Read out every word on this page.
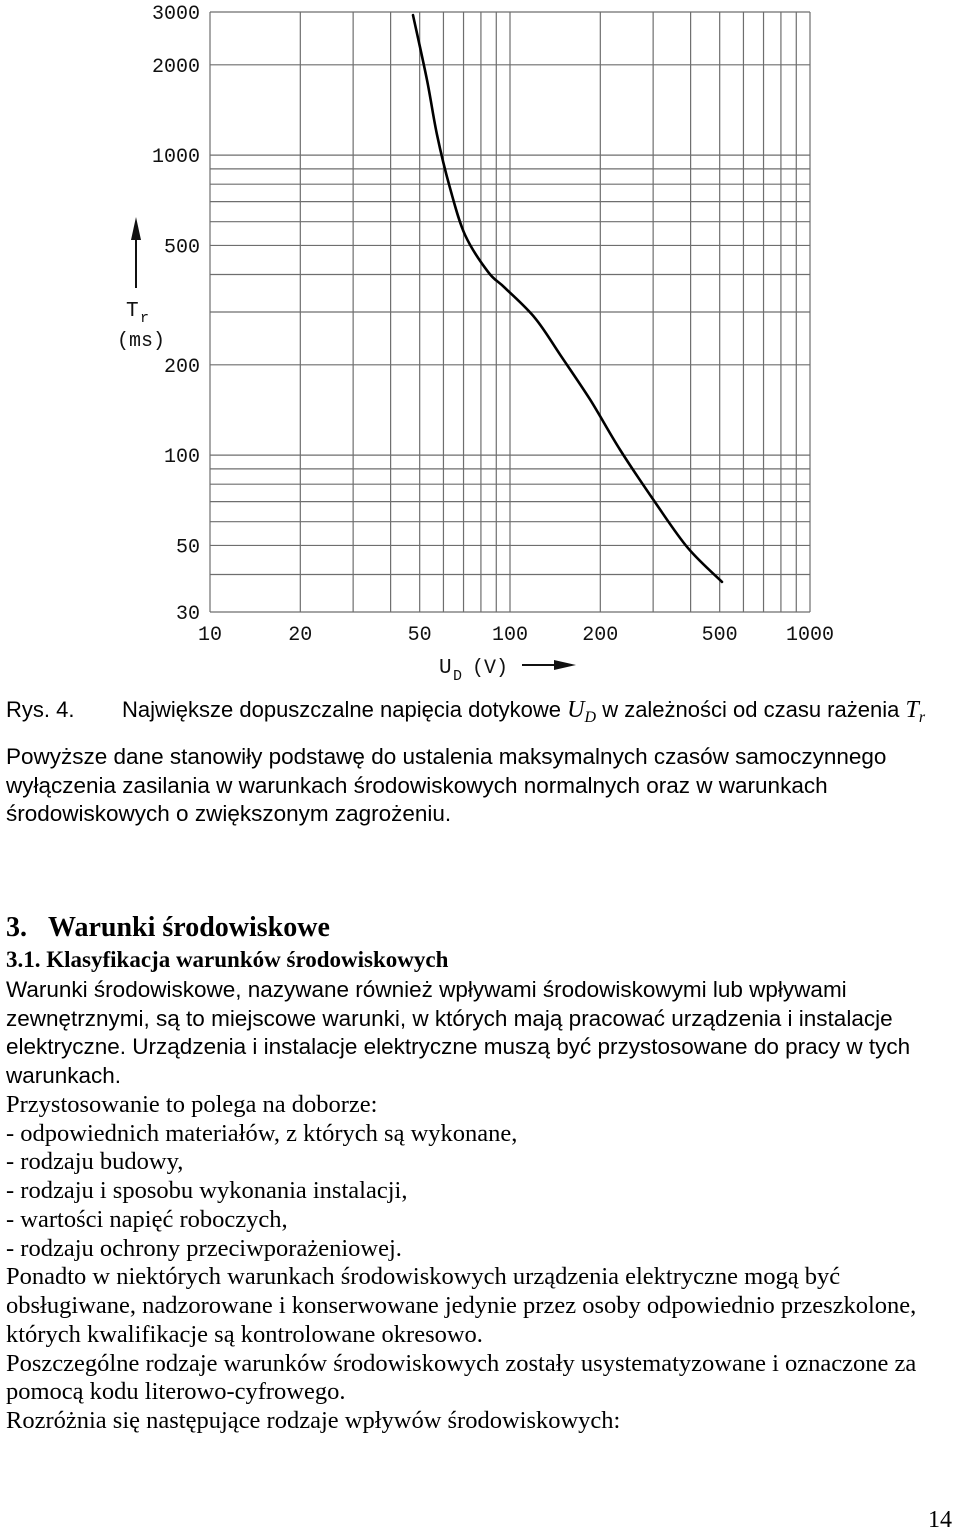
10	20	50	100	200	500 1000
30
50
100
200
500
1000
2000
3000
T r
(ms)
U D (V)
Rys. 4. Największe dopuszczalne napięcia dotykowe $U_D$ w zależności od czasu rażenia $T_r$
Powyższe dane stanowiły podstawę do ustalenia maksymalnych czasów samoczynnego
wyłączenia zasilania w warunkach środowiskowych normalnych oraz w warunkach
środowiskowych o zwiększonym zagrożeniu.
3. Warunki środowiskowe
3.1. Klasyfikacja warunków środowiskowych
Warunki środowiskowe, nazywane również wpływami środowiskowymi lub wpływami
zewnętrznymi, są to miejscowe warunki, w których mają pracować urządzenia i instalacje
elektryczne. Urządzenia i instalacje elektryczne muszą być przystosowane do pracy w tych
warunkach.
Przystosowanie to polega na doborze:
- odpowiednich materiałów, z których są wykonane,
- rodzaju budowy,
- rodzaju i sposobu wykonania instalacji,
- wartości napięć roboczych,
- rodzaju ochrony przeciwporażeniowej.
Ponadto w niektórych warunkach środowiskowych urządzenia elektryczne mogą być
obsługiwane, nadzorowane i konserwowane jedynie przez osoby odpowiednio przeszkolone,
których kwalifikacje są kontrolowane okresowo.
Poszczególne rodzaje warunków środowiskowych zostały usystematyzowane i oznaczone za
pomocą kodu literowo-cyfrowego.
Rozróżnia się następujące rodzaje wpływów środowiskowych:
14
